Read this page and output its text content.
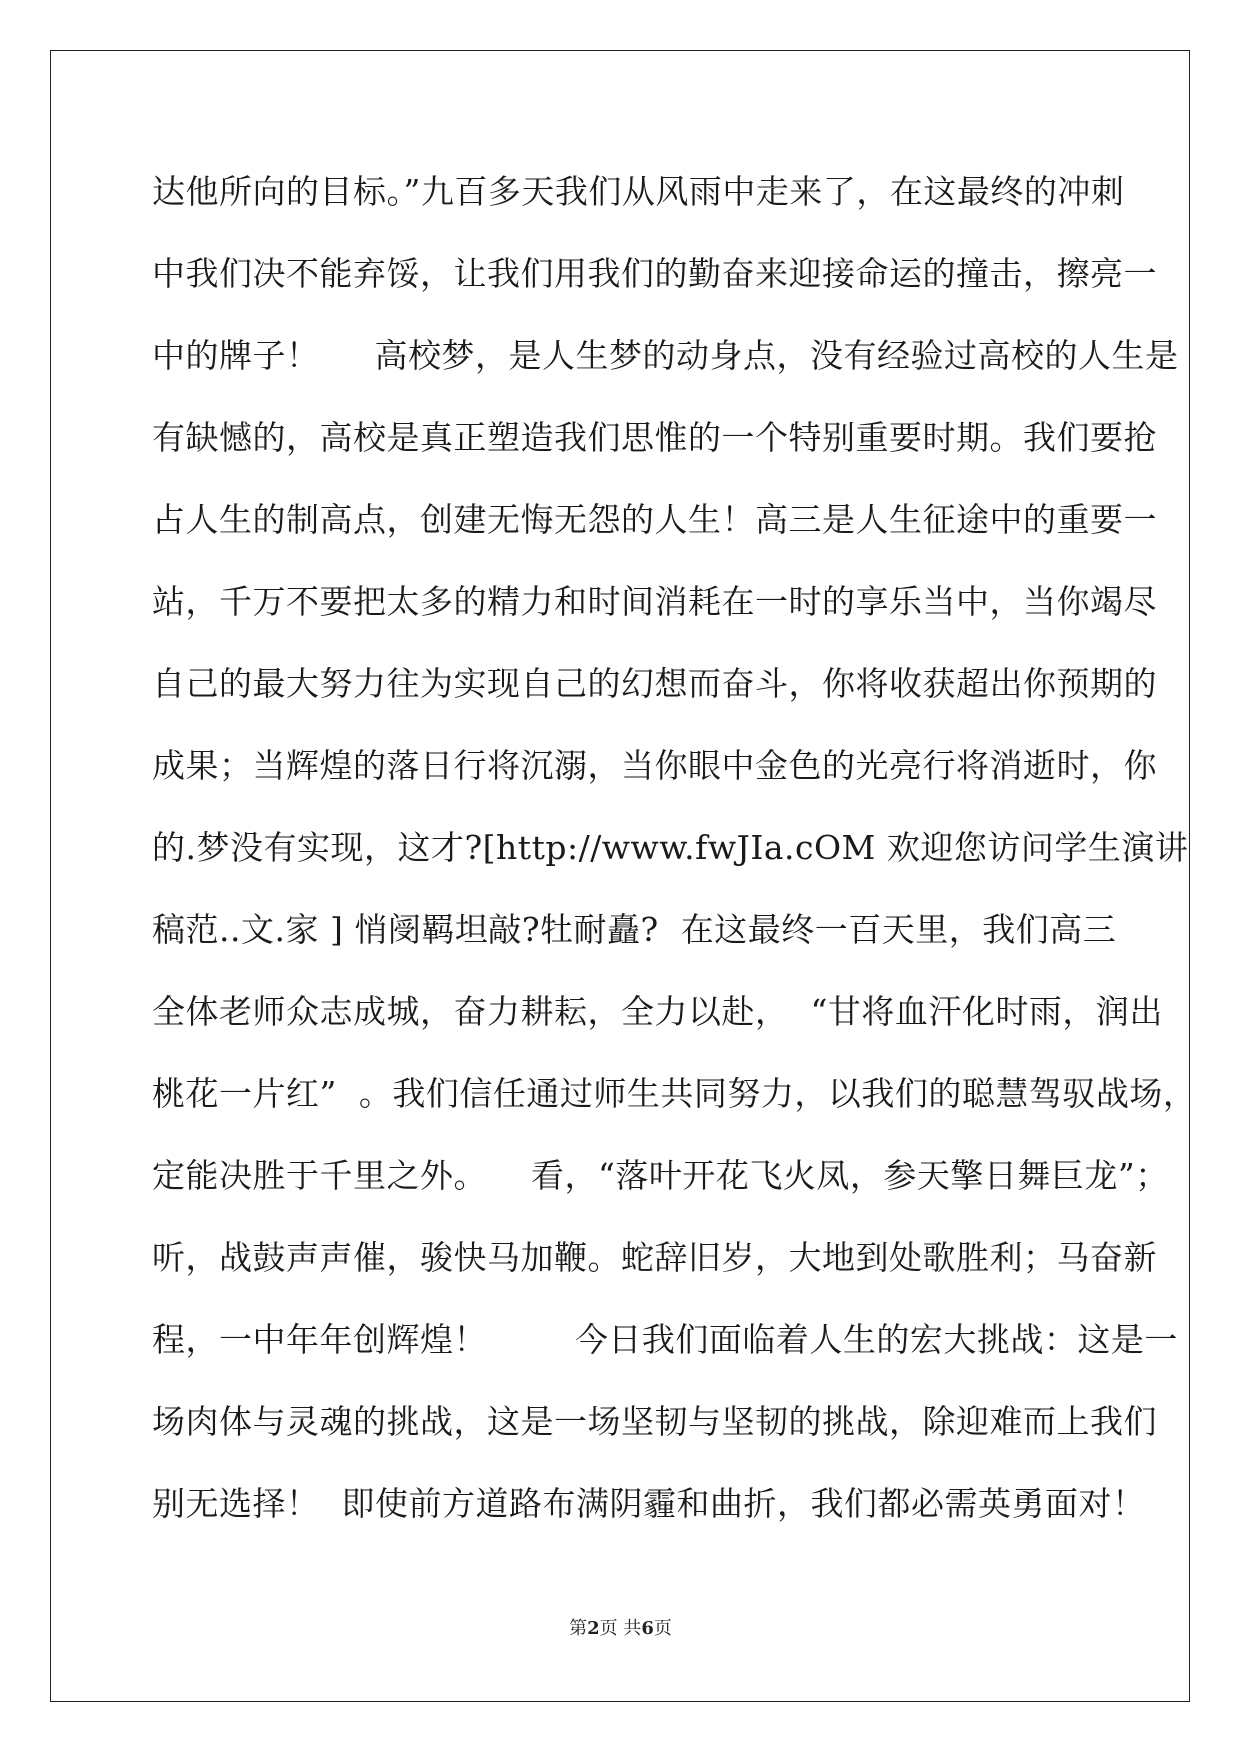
达他所向的目标。”九百多天我们从风雨中走来了，在这最终的冲刺
中我们决不能弃馁，让我们用我们的勤奋来迎接命运的撞击，擦亮一
中的牌子！     高校梦，是人生梦的动身点，没有经验过高校的人生是
有缺憾的，高校是真正塑造我们思惟的一个特别重要时期。我们要抢
占人生的制高点，创建无悔无怨的人生！高三是人生征途中的重要一
站，千万不要把太多的精力和时间消耗在一时的享乐当中，当你竭尽
自己的最大努力往为实现自己的幻想而奋斗，你将收获超出你预期的
成果；当辉煌的落日行将沉溺，当你眼中金色的光亮行将消逝时，你
的.梦没有实现，这才?[http://www.fwJIa.cOM 欢迎您访问学生演讲
稿范..文.家 ] 悄阌羁坦敲?牡耐矗?  在这最终一百天里，我们高三
全体老师众志成城，奋力耕耘，全力以赴，  “甘将血汗化时雨，润出
桃花一片红”  。我们信任通过师生共同努力，以我们的聪慧驾驭战场，
定能决胜于千里之外。    看，“落叶开花飞火凤，参天擎日舞巨龙”；
听，战鼓声声催，骏快马加鞭。蛇辞旧岁，大地到处歌胜利；马奋新
程，一中年年创辉煌！        今日我们面临着人生的宏大挑战：这是一
场肉体与灵魂的挑战，这是一场坚韧与坚韧的挑战，除迎难而上我们
别无选择！  即使前方道路布满阴霾和曲折，我们都必需英勇面对！
第2页 共6页
